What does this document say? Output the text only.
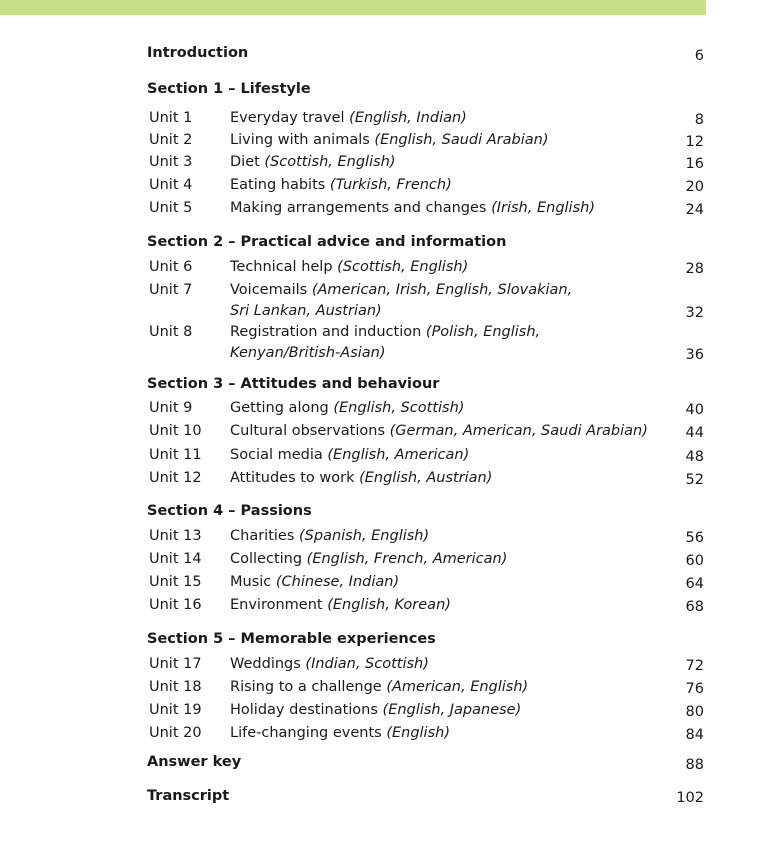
Introduction	6
Section 1 – Lifestyle
Unit 1	Everyday travel (English, Indian)	8
Unit 2	Living with animals (English, Saudi Arabian)	12
Unit 3	Diet (Scottish, English)	16
Unit 4	Eating habits (Turkish, French)	20
Unit 5	Making arrangements and changes (Irish, English)	24
Section 2 – Practical advice and information
Unit 6	Technical help (Scottish, English)	28
Unit 7	Voicemails (American, Irish, English, Slovakian,
Sri Lankan, Austrian)	32
Unit 8	Registration and induction (Polish, English,
Kenyan/British-Asian)	36
Section 3 – Attitudes and behaviour
Unit 9	Getting along (English, Scottish)	40
Unit 10 Cultural observations (German, American, Saudi Arabian)	44
Unit 11 Social media (English, American)	48
Unit 12 Attitudes to work (English, Austrian)	52
Section 4 – Passions
Unit 13 Charities (Spanish, English)	56
Unit 14 Collecting (English, French, American)	60
Unit 15 Music (Chinese, Indian)	64
Unit 16 Environment (English, Korean)	68
Section 5 – Memorable experiences
Unit 17 Weddings (Indian, Scottish)	72
Unit 18 Rising to a challenge (American, English)	76
Unit 19 Holiday destinations (English, Japanese)	80
Unit 20 Life-changing events (English)	84
Answer key	88
Transcript	102
